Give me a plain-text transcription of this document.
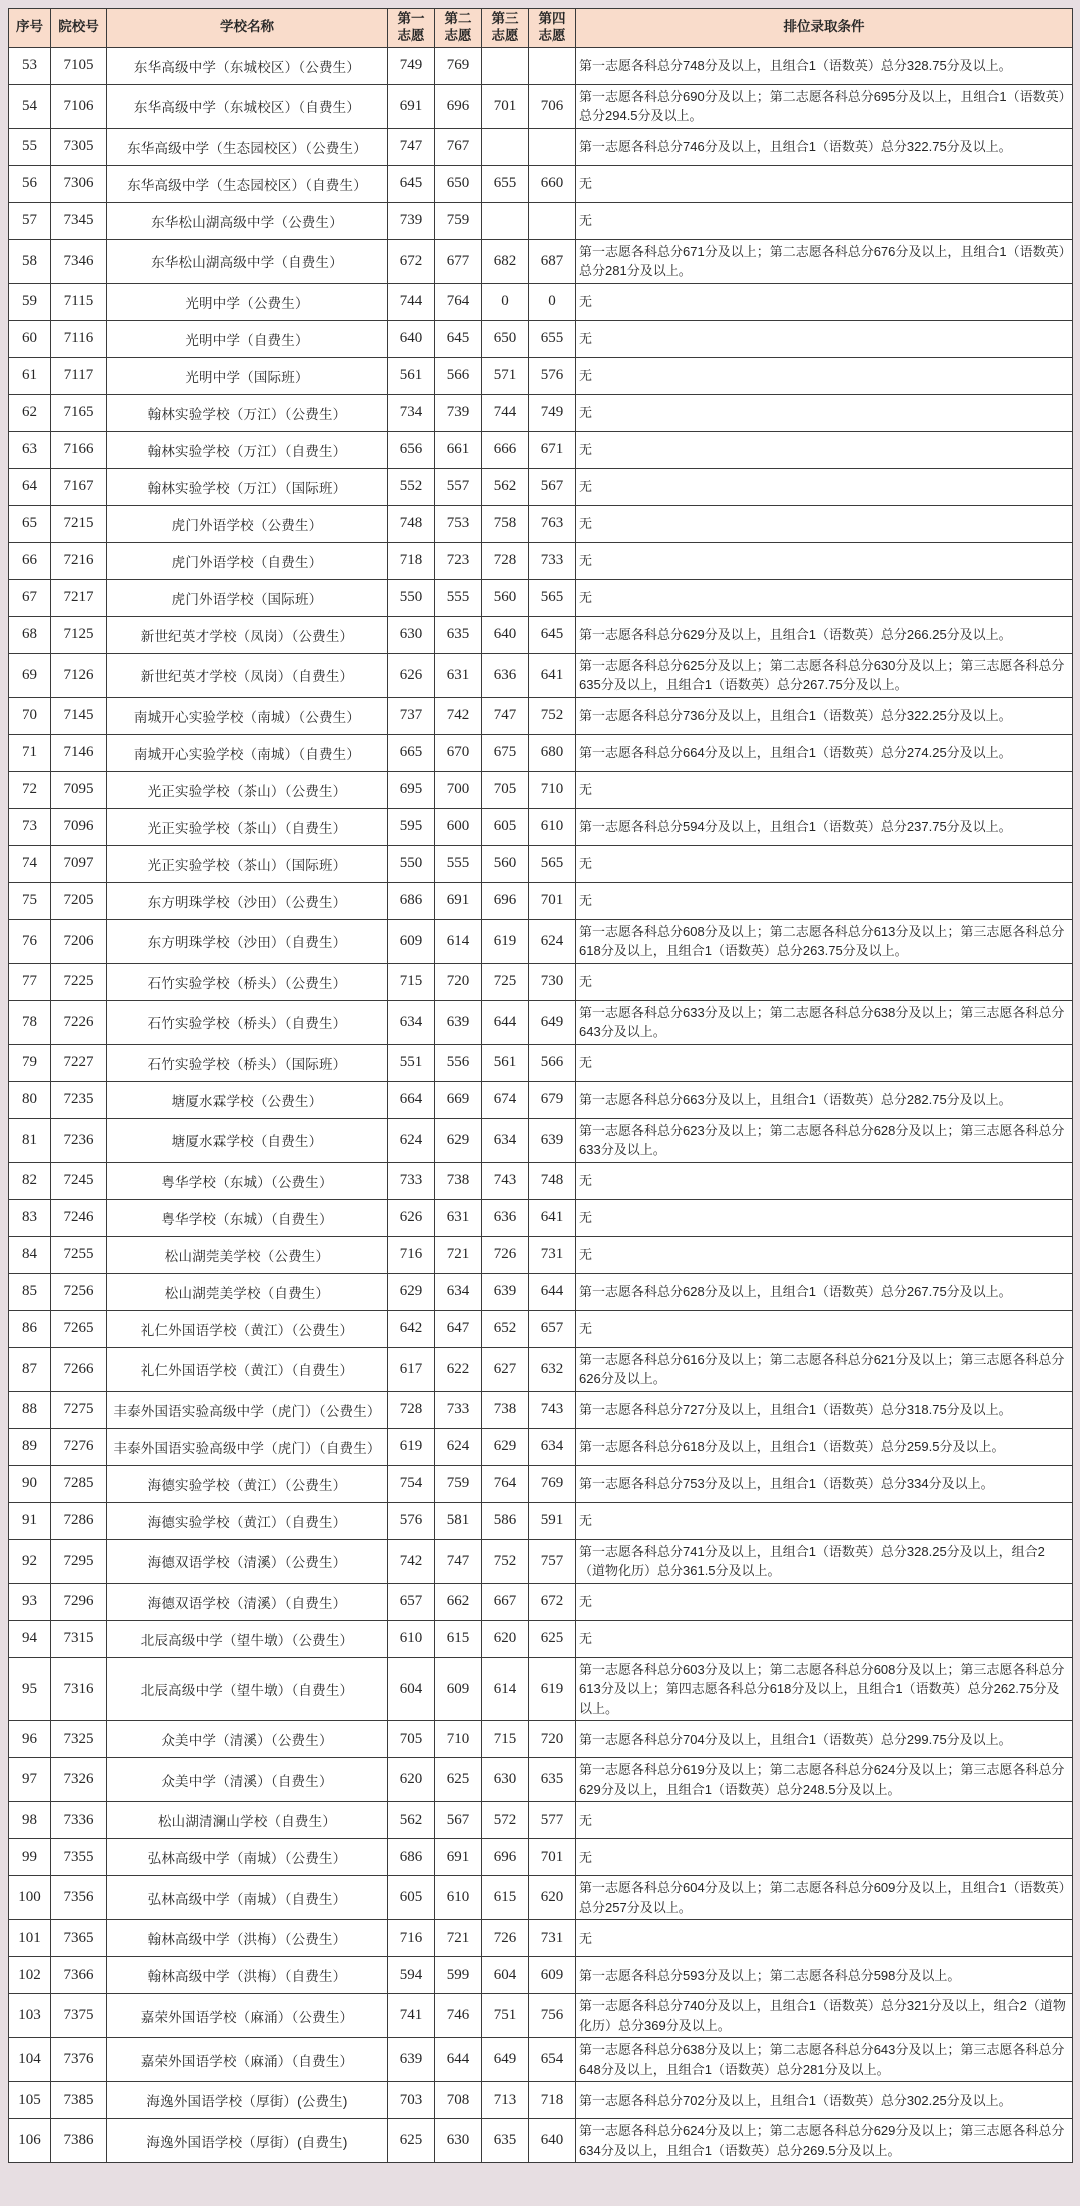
序号	院校号	学校名称	第一志愿	第二志愿	第三志愿	第四志愿	排位录取条件
53	7105	东华高级中学（东城校区）（公费生）	749	769			第一志愿各科总分748分及以上，且组合1（语数英）总分328.75分及以上。
54	7106	东华高级中学（东城校区）（自费生）	691	696	701	706	第一志愿各科总分690分及以上；第二志愿各科总分695分及以上，且组合1（语数英）总分294.5分及以上。
55	7305	东华高级中学（生态园校区）（公费生）	747	767			第一志愿各科总分746分及以上，且组合1（语数英）总分322.75分及以上。
56	7306	东华高级中学（生态园校区）（自费生）	645	650	655	660	无
57	7345	东华松山湖高级中学（公费生）	739	759			无
58	7346	东华松山湖高级中学（自费生）	672	677	682	687	第一志愿各科总分671分及以上；第二志愿各科总分676分及以上，且组合1（语数英）总分281分及以上。
59	7115	光明中学（公费生）	744	764	0	0	无
60	7116	光明中学（自费生）	640	645	650	655	无
61	7117	光明中学（国际班）	561	566	571	576	无
62	7165	翰林实验学校（万江）（公费生）	734	739	744	749	无
63	7166	翰林实验学校（万江）（自费生）	656	661	666	671	无
64	7167	翰林实验学校（万江）（国际班）	552	557	562	567	无
65	7215	虎门外语学校（公费生）	748	753	758	763	无
66	7216	虎门外语学校（自费生）	718	723	728	733	无
67	7217	虎门外语学校（国际班）	550	555	560	565	无
68	7125	新世纪英才学校（凤岗）（公费生）	630	635	640	645	第一志愿各科总分629分及以上，且组合1（语数英）总分266.25分及以上。
69	7126	新世纪英才学校（凤岗）（自费生）	626	631	636	641	第一志愿各科总分625分及以上；第二志愿各科总分630分及以上；第三志愿各科总分635分及以上，且组合1（语数英）总分267.75分及以上。
70	7145	南城开心实验学校（南城）（公费生）	737	742	747	752	第一志愿各科总分736分及以上，且组合1（语数英）总分322.25分及以上。
71	7146	南城开心实验学校（南城）（自费生）	665	670	675	680	第一志愿各科总分664分及以上，且组合1（语数英）总分274.25分及以上。
72	7095	光正实验学校（茶山）（公费生）	695	700	705	710	无
73	7096	光正实验学校（茶山）（自费生）	595	600	605	610	第一志愿各科总分594分及以上，且组合1（语数英）总分237.75分及以上。
74	7097	光正实验学校（茶山）（国际班）	550	555	560	565	无
75	7205	东方明珠学校（沙田）（公费生）	686	691	696	701	无
76	7206	东方明珠学校（沙田）（自费生）	609	614	619	624	第一志愿各科总分608分及以上；第二志愿各科总分613分及以上；第三志愿各科总分618分及以上，且组合1（语数英）总分263.75分及以上。
77	7225	石竹实验学校（桥头）（公费生）	715	720	725	730	无
78	7226	石竹实验学校（桥头）（自费生）	634	639	644	649	第一志愿各科总分633分及以上；第二志愿各科总分638分及以上；第三志愿各科总分643分及以上。
79	7227	石竹实验学校（桥头）（国际班）	551	556	561	566	无
80	7235	塘厦水霖学校（公费生）	664	669	674	679	第一志愿各科总分663分及以上，且组合1（语数英）总分282.75分及以上。
81	7236	塘厦水霖学校（自费生）	624	629	634	639	第一志愿各科总分623分及以上；第二志愿各科总分628分及以上；第三志愿各科总分633分及以上。
82	7245	粤华学校（东城）（公费生）	733	738	743	748	无
83	7246	粤华学校（东城）（自费生）	626	631	636	641	无
84	7255	松山湖莞美学校（公费生）	716	721	726	731	无
85	7256	松山湖莞美学校（自费生）	629	634	639	644	第一志愿各科总分628分及以上，且组合1（语数英）总分267.75分及以上。
86	7265	礼仁外国语学校（黄江）（公费生）	642	647	652	657	无
87	7266	礼仁外国语学校（黄江）（自费生）	617	622	627	632	第一志愿各科总分616分及以上；第二志愿各科总分621分及以上；第三志愿各科总分626分及以上。
88	7275	丰泰外国语实验高级中学（虎门）（公费生）	728	733	738	743	第一志愿各科总分727分及以上，且组合1（语数英）总分318.75分及以上。
89	7276	丰泰外国语实验高级中学（虎门）（自费生）	619	624	629	634	第一志愿各科总分618分及以上，且组合1（语数英）总分259.5分及以上。
90	7285	海德实验学校（黄江）（公费生）	754	759	764	769	第一志愿各科总分753分及以上，且组合1（语数英）总分334分及以上。
91	7286	海德实验学校（黄江）（自费生）	576	581	586	591	无
92	7295	海德双语学校（清溪）（公费生）	742	747	752	757	第一志愿各科总分741分及以上，且组合1（语数英）总分328.25分及以上，组合2（道物化历）总分361.5分及以上。
93	7296	海德双语学校（清溪）（自费生）	657	662	667	672	无
94	7315	北辰高级中学（望牛墩）（公费生）	610	615	620	625	无
95	7316	北辰高级中学（望牛墩）（自费生）	604	609	614	619	第一志愿各科总分603分及以上；第二志愿各科总分608分及以上；第三志愿各科总分613分及以上；第四志愿各科总分618分及以上，且组合1（语数英）总分262.75分及以上。
96	7325	众美中学（清溪）（公费生）	705	710	715	720	第一志愿各科总分704分及以上，且组合1（语数英）总分299.75分及以上。
97	7326	众美中学（清溪）（自费生）	620	625	630	635	第一志愿各科总分619分及以上；第二志愿各科总分624分及以上；第三志愿各科总分629分及以上，且组合1（语数英）总分248.5分及以上。
98	7336	松山湖清澜山学校（自费生）	562	567	572	577	无
99	7355	弘林高级中学（南城）（公费生）	686	691	696	701	无
100	7356	弘林高级中学（南城）（自费生）	605	610	615	620	第一志愿各科总分604分及以上；第二志愿各科总分609分及以上，且组合1（语数英）总分257分及以上。
101	7365	翰林高级中学（洪梅）（公费生）	716	721	726	731	无
102	7366	翰林高级中学（洪梅）（自费生）	594	599	604	609	第一志愿各科总分593分及以上；第二志愿各科总分598分及以上。
103	7375	嘉荣外国语学校（麻涌）（公费生）	741	746	751	756	第一志愿各科总分740分及以上，且组合1（语数英）总分321分及以上，组合2（道物化历）总分369分及以上。
104	7376	嘉荣外国语学校（麻涌）（自费生）	639	644	649	654	第一志愿各科总分638分及以上；第二志愿各科总分643分及以上；第三志愿各科总分648分及以上，且组合1（语数英）总分281分及以上。
105	7385	海逸外国语学校（厚街）(公费生)	703	708	713	718	第一志愿各科总分702分及以上，且组合1（语数英）总分302.25分及以上。
106	7386	海逸外国语学校（厚街）(自费生)	625	630	635	640	第一志愿各科总分624分及以上；第二志愿各科总分629分及以上；第三志愿各科总分634分及以上，且组合1（语数英）总分269.5分及以上。
